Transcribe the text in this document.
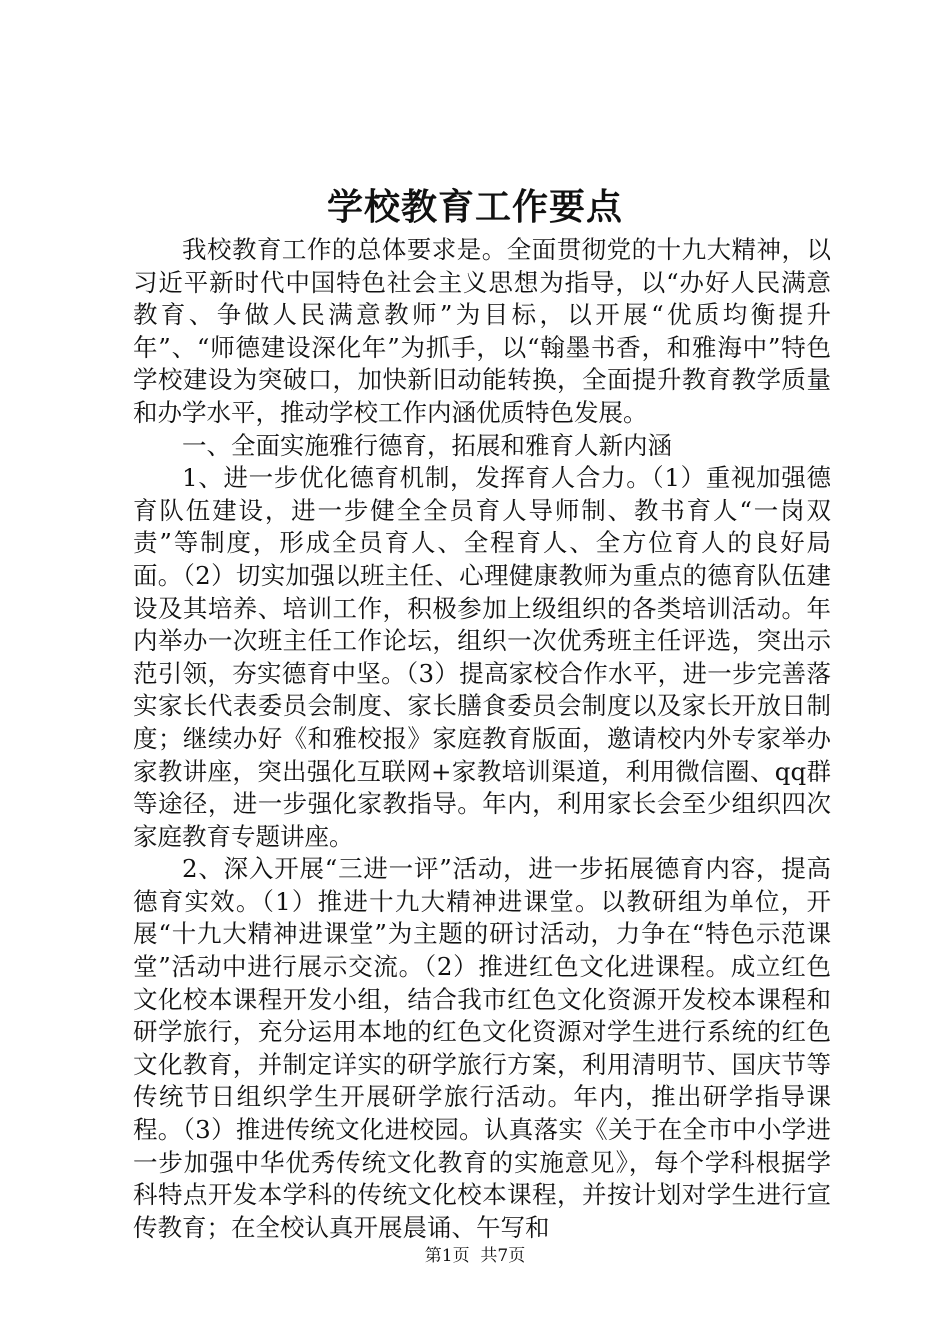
学校教育工作要点

我校教育工作的总体要求是。全面贯彻党的十九大精神，以习近平新时代中国特色社会主义思想为指导，以“办好人民满意教育、争做人民满意教师”为目标，以开展“优质均衡提升年”、“师德建设深化年”为抓手，以“翰墨书香，和雅海中”特色学校建设为突破口，加快新旧动能转换，全面提升教育教学质量和办学水平，推动学校工作内涵优质特色发展。

一、全面实施雅行德育，拓展和雅育人新内涵

1、进一步优化德育机制，发挥育人合力。（1）重视加强德育队伍建设，进一步健全全员育人导师制、教书育人“一岗双责”等制度，形成全员育人、全程育人、全方位育人的良好局面。（2）切实加强以班主任、心理健康教师为重点的德育队伍建设及其培养、培训工作，积极参加上级组织的各类培训活动。年内举办一次班主任工作论坛，组织一次优秀班主任评选，突出示范引领，夯实德育中坚。（3）提高家校合作水平，进一步完善落实家长代表委员会制度、家长膳食委员会制度以及家长开放日制度；继续办好《和雅校报》家庭教育版面，邀请校内外专家举办家教讲座，突出强化互联网+家教培训渠道，利用微信圈、qq群等途径，进一步强化家教指导。年内，利用家长会至少组织四次家庭教育专题讲座。

2、深入开展“三进一评”活动，进一步拓展德育内容，提高德育实效。（1）推进十九大精神进课堂。以教研组为单位，开展“十九大精神进课堂”为主题的研讨活动，力争在“特色示范课堂”活动中进行展示交流。（2）推进红色文化进课程。成立红色文化校本课程开发小组，结合我市红色文化资源开发校本课程和研学旅行，充分运用本地的红色文化资源对学生进行系统的红色文化教育，并制定详实的研学旅行方案，利用清明节、国庆节等传统节日组织学生开展研学旅行活动。年内，推出研学指导课程。（3）推进传统文化进校园。认真落实《关于在全市中小学进一步加强中华优秀传统文化教育的实施意见》，每个学科根据学科特点开发本学科的传统文化校本课程，并按计划对学生进行宣传教育；在全校认真开展晨诵、午写和

第1页 共7页
